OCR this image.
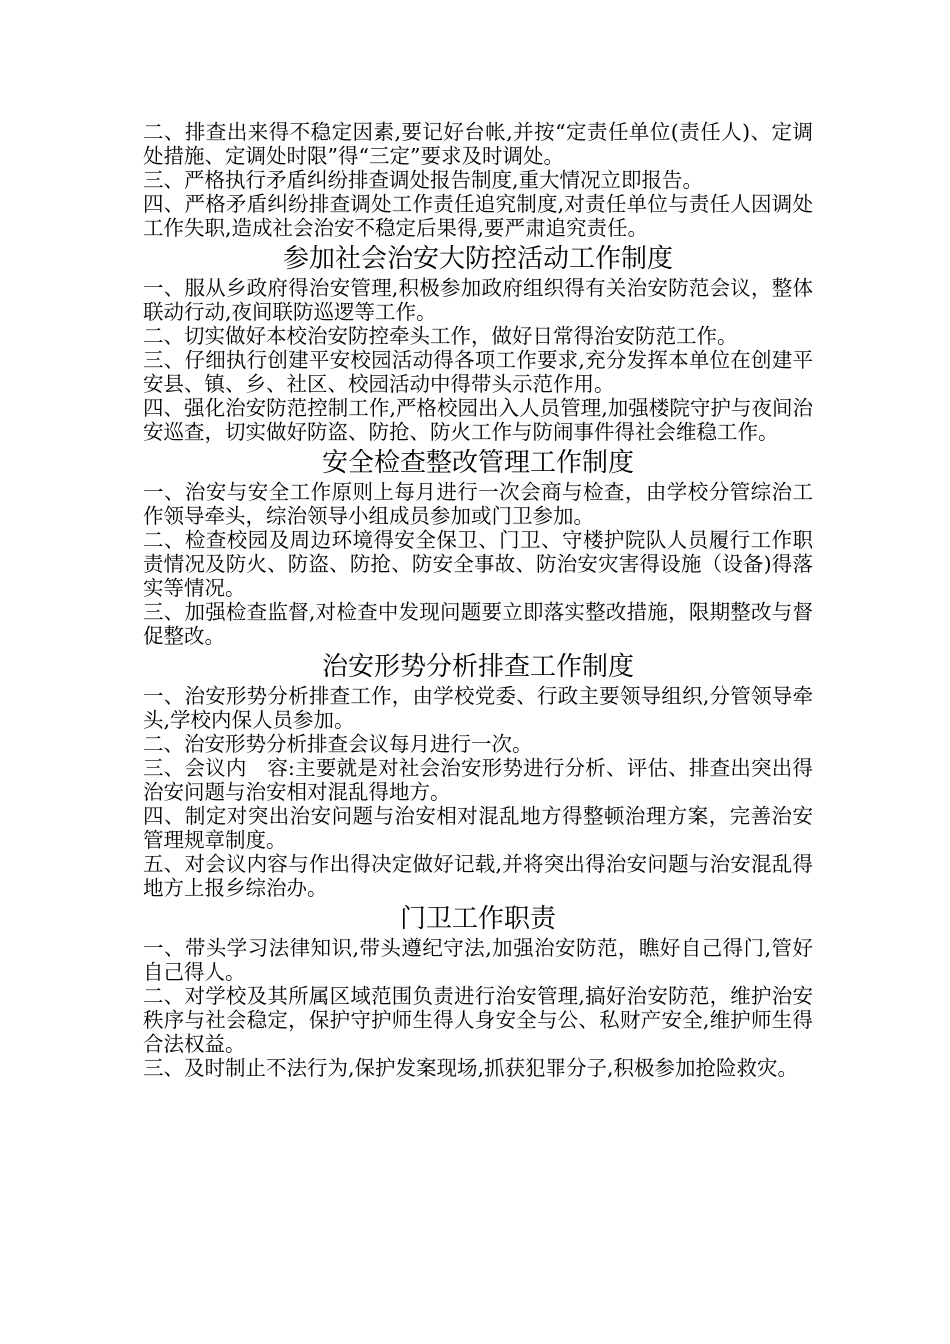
二、排查出来得不稳定因素,要记好台帐,并按“定责任单位(责任人)、定调处措施、定调处时限”得“三定”要求及时调处。

三、严格执行矛盾纠纷排查调处报告制度,重大情况立即报告。

四、严格矛盾纠纷排查调处工作责任追究制度,对责任单位与责任人因调处工作失职,造成社会治安不稳定后果得,要严肃追究责任。

参加社会治安大防控活动工作制度

一、服从乡政府得治安管理,积极参加政府组织得有关治安防范会议，整体联动行动,夜间联防巡逻等工作。

二、切实做好本校治安防控牵头工作，做好日常得治安防范工作。

三、仔细执行创建平安校园活动得各项工作要求,充分发挥本单位在创建平安县、镇、乡、社区、校园活动中得带头示范作用。

四、强化治安防范控制工作,严格校园出入人员管理,加强楼院守护与夜间治安巡查，切实做好防盗、防抢、防火工作与防闹事件得社会维稳工作。

安全检查整改管理工作制度

一、治安与安全工作原则上每月进行一次会商与检查，由学校分管综治工作领导牵头，综治领导小组成员参加或门卫参加。

二、检查校园及周边环境得安全保卫、门卫、守楼护院队人员履行工作职责情况及防火、防盗、防抢、防安全事故、防治安灾害得设施（设备)得落实等情况。

三、加强检查监督,对检查中发现问题要立即落实整改措施，限期整改与督促整改。

治安形势分析排查工作制度

一、治安形势分析排查工作，由学校党委、行政主要领导组织,分管领导牵头,学校内保人员参加。

二、治安形势分析排查会议每月进行一次。

三、会议内　容:主要就是对社会治安形势进行分析、评估、排查出突出得治安问题与治安相对混乱得地方。

四、制定对突出治安问题与治安相对混乱地方得整顿治理方案，完善治安管理规章制度。

五、对会议内容与作出得决定做好记载,并将突出得治安问题与治安混乱得地方上报乡综治办。

门卫工作职责

一、带头学习法律知识,带头遵纪守法,加强治安防范，瞧好自己得门,管好自己得人。

二、对学校及其所属区域范围负责进行治安管理,搞好治安防范，维护治安秩序与社会稳定，保护守护师生得人身安全与公、私财产安全,维护师生得合法权益。

三、及时制止不法行为,保护发案现场,抓获犯罪分子,积极参加抢险救灾。
